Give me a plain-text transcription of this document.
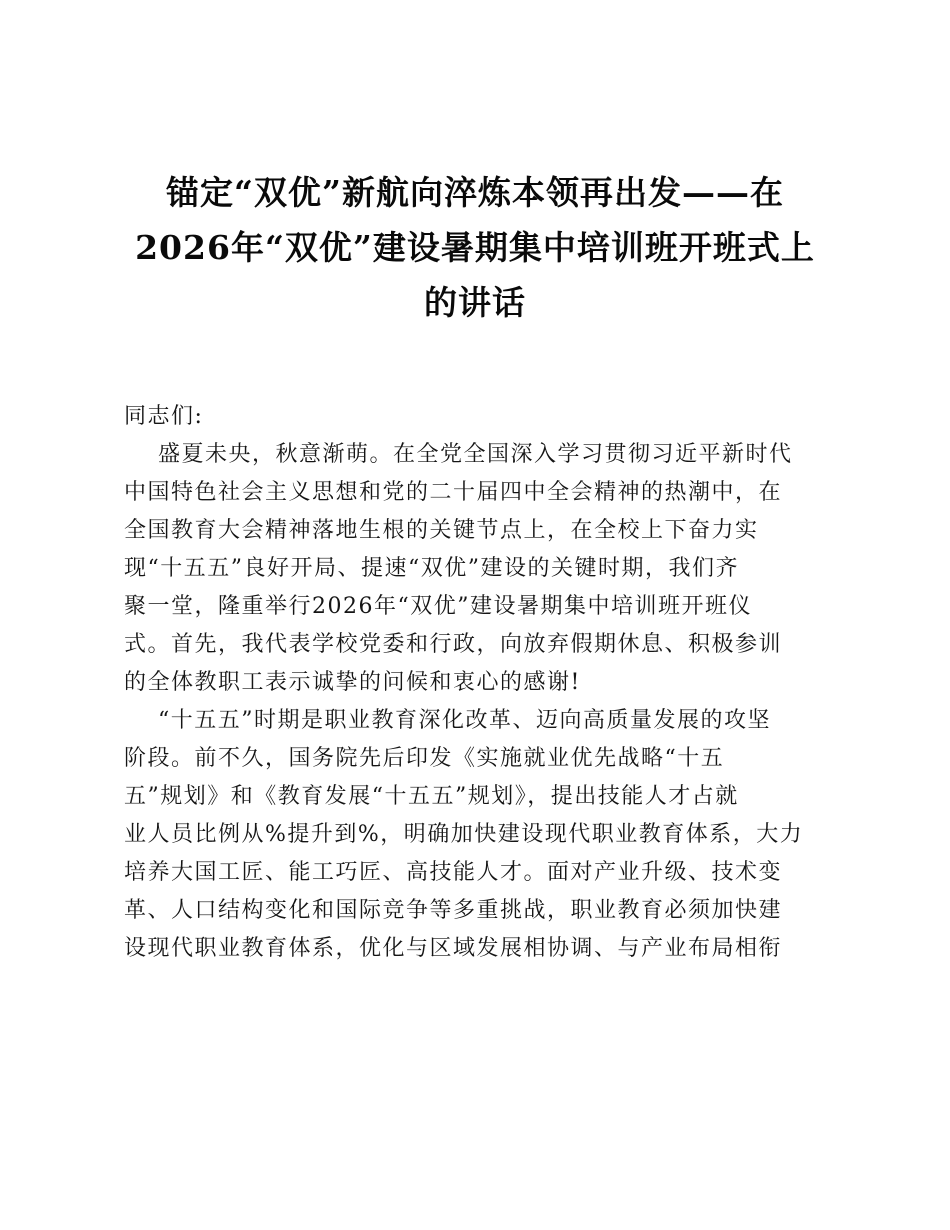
锚定“双优”新航向淬炼本领再出发——在
2026年“双优”建设暑期集中培训班开班式上
的讲话
同志们:
盛夏未央，秋意渐萌。在全党全国深入学习贯彻习近平新时代
中国特色社会主义思想和党的二十届四中全会精神的热潮中，在
全国教育大会精神落地生根的关键节点上，在全校上下奋力实
现“十五五”良好开局、提速“双优”建设的关键时期，我们齐
聚一堂，隆重举行2026年“双优”建设暑期集中培训班开班仪
式。首先，我代表学校党委和行政，向放弃假期休息、积极参训
的全体教职工表示诚挚的问候和衷心的感谢!
“十五五”时期是职业教育深化改革、迈向高质量发展的攻坚
阶段。前不久，国务院先后印发《实施就业优先战略“十五
五”规划》和《教育发展“十五五”规划》，提出技能人才占就
业人员比例从%提升到%，明确加快建设现代职业教育体系，大力
培养大国工匠、能工巧匠、高技能人才。面对产业升级、技术变
革、人口结构变化和国际竞争等多重挑战，职业教育必须加快建
设现代职业教育体系，优化与区域发展相协调、与产业布局相衔
